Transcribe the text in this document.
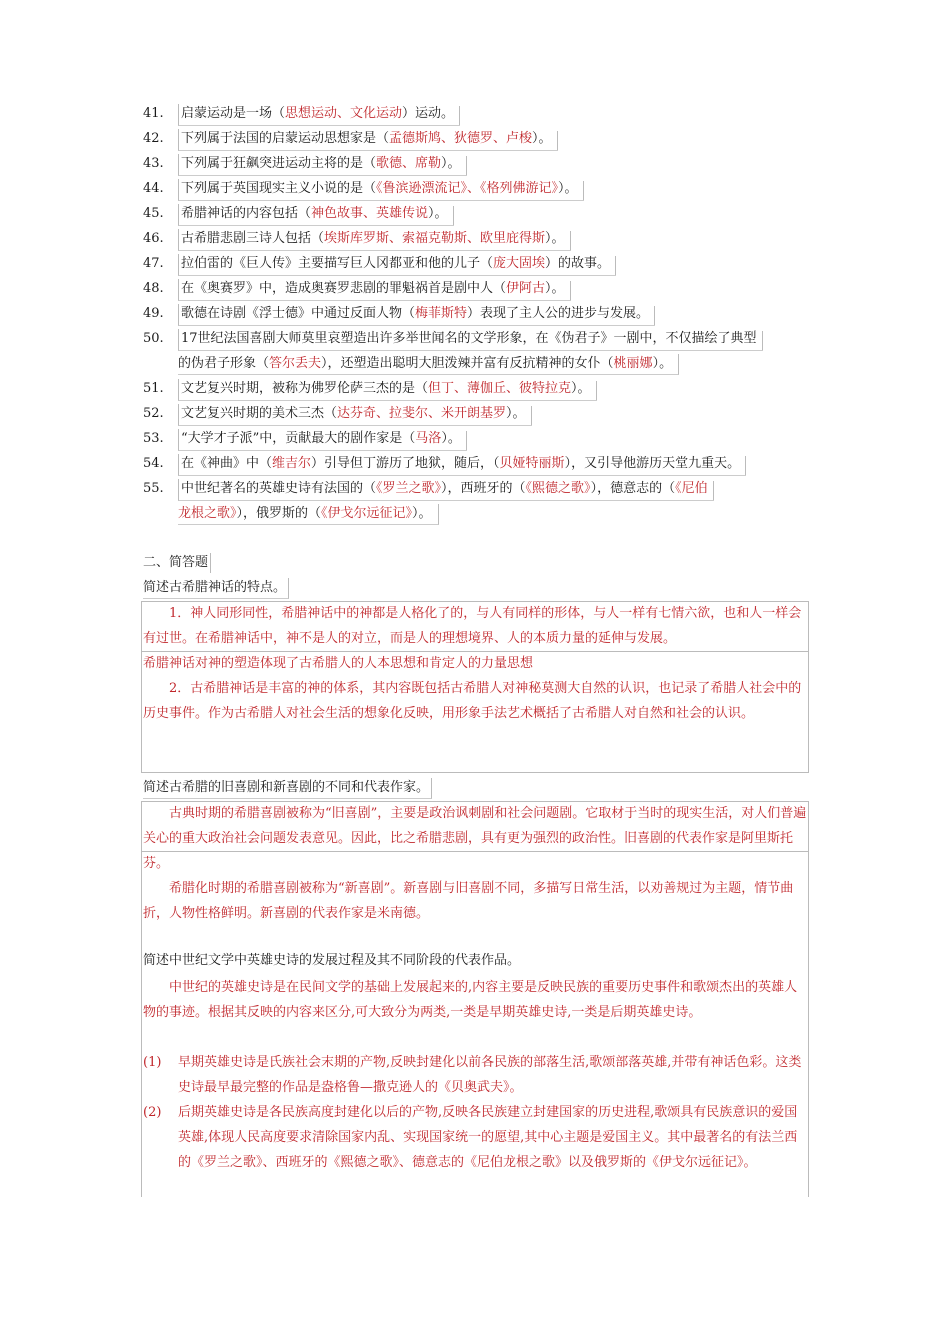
41. 启蒙运动是一场（思想运动、文化运动）运动。
42. 下列属于法国的启蒙运动思想家是（孟德斯鸠、狄德罗、卢梭）。
43. 下列属于狂飙突进运动主将的是（歌德、席勒）。
44. 下列属于英国现实主义小说的是（《鲁滨逊漂流记》、《格列佛游记》）。
45. 希腊神话的内容包括（神色故事、英雄传说）。
46. 古希腊悲剧三诗人包括（埃斯库罗斯、索福克勒斯、欧里庇得斯）。
47. 拉伯雷的《巨人传》主要描写巨人冈都亚和他的儿子（庞大固埃）的故事。
48. 在《奥赛罗》中，造成奥赛罗悲剧的罪魁祸首是剧中人（伊阿古）。
49. 歌德在诗剧《浮士德》中通过反面人物（梅菲斯特）表现了主人公的进步与发展。
50. 17世纪法国喜剧大师莫里哀塑造出许多举世闻名的文学形象，在《伪君子》一剧中，不仅描绘了典型
的伪君子形象（答尔丢夫），还塑造出聪明大胆泼辣并富有反抗精神的女仆（桃丽娜）。
51. 文艺复兴时期，被称为佛罗伦萨三杰的是（但丁、薄伽丘、彼特拉克）。
52. 文艺复兴时期的美术三杰（达芬奇、拉斐尔、米开朗基罗）。
53. “大学才子派”中，贡献最大的剧作家是（马洛）。
54. 在《神曲》中（维吉尔）引导但丁游历了地狱，随后，（贝娅特丽斯），又引导他游历天堂九重天。
55. 中世纪著名的英雄史诗有法国的（《罗兰之歌》），西班牙的（《熙德之歌》），德意志的（《尼伯
龙根之歌》），俄罗斯的（《伊戈尔远征记》）。
二、简答题
简述古希腊神话的特点。
1．神人同形同性，希腊神话中的神都是人格化了的，与人有同样的形体，与人一样有七情六欲，也和人一样会有过世。在希腊神话中，神不是人的对立，而是人的理想境界、人的本质力量的延伸与发展。
希腊神话对神的塑造体现了古希腊人的人本思想和肯定人的力量思想
2．古希腊神话是丰富的神的体系，其内容既包括古希腊人对神秘莫测大自然的认识，也记录了希腊人社会中的历史事件。作为古希腊人对社会生活的想象化反映，用形象手法艺术概括了古希腊人对自然和社会的认识。
简述古希腊的旧喜剧和新喜剧的不同和代表作家。
古典时期的希腊喜剧被称为“旧喜剧”，主要是政治讽刺剧和社会问题剧。它取材于当时的现实生活，对人们普遍关心的重大政治社会问题发表意见。因此，比之希腊悲剧，具有更为强烈的政治性。旧喜剧的代表作家是阿里斯托芬。
希腊化时期的希腊喜剧被称为“新喜剧”。新喜剧与旧喜剧不同，多描写日常生活，以劝善规过为主题，情节曲折，人物性格鲜明。新喜剧的代表作家是米南德。
简述中世纪文学中英雄史诗的发展过程及其不同阶段的代表作品。
中世纪的英雄史诗是在民间文学的基础上发展起来的,内容主要是反映民族的重要历史事件和歌颂杰出的英雄人物的事迹。根据其反映的内容来区分,可大致分为两类,一类是早期英雄史诗,一类是后期英雄史诗。
(1) 早期英雄史诗是氏族社会末期的产物,反映封建化以前各民族的部落生活,歌颂部落英雄,并带有神话色彩。这类史诗最早最完整的作品是盎格鲁—撒克逊人的《贝奥武夫》。
(2) 后期英雄史诗是各民族高度封建化以后的产物,反映各民族建立封建国家的历史进程,歌颂具有民族意识的爱国英雄,体现人民高度要求清除国家内乱、实现国家统一的愿望,其中心主题是爱国主义。其中最著名的有法兰西的《罗兰之歌》、西班牙的《熙德之歌》、德意志的《尼伯龙根之歌》以及俄罗斯的《伊戈尔远征记》。
